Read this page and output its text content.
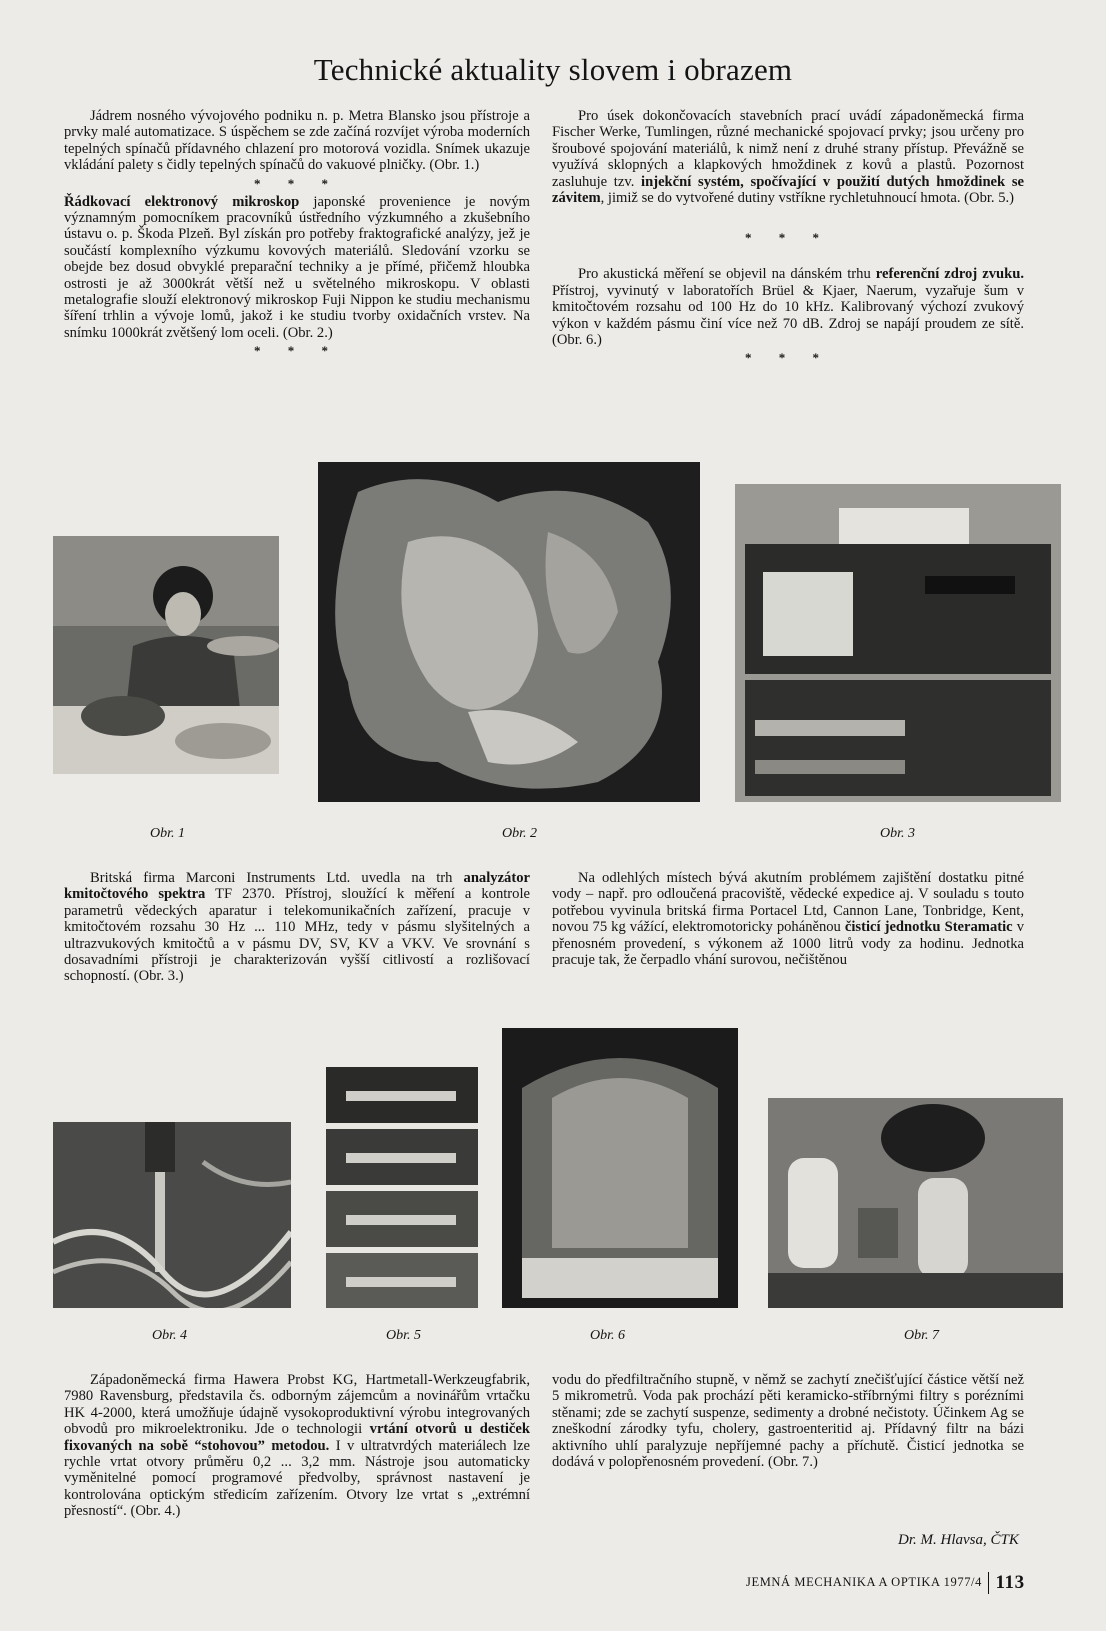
Technické aktuality slovem i obrazem

Jádrem nosného vývojového podniku n. p. Metra Blansko jsou přístroje a prvky malé automatizace. S úspěchem se zde začíná rozvíjet výroba moderních tepelných spínačů přídavného chlazení pro motorová vozidla. Snímek ukazuje vkládání palety s čidly tepelných spínačů do vakuové plničky. (Obr. 1.)

* * *

Řádkovací elektronový mikroskop japonské provenience je novým významným pomocníkem pracovníků ústředního výzkumného a zkušebního ústavu o. p. Škoda Plzeň. Byl získán pro potřeby fraktografické analýzy, jež je součástí komplexního výzkumu kovových materiálů. Sledování vzorku se obejde bez dosud obvyklé preparační techniky a je přímé, přičemž hloubka ostrosti je až 3000krát větší než u světelného mikroskopu. V oblasti metalografie slouží elektronový mikroskop Fuji Nippon ke studiu mechanismu šíření trhlin a vývoje lomů, jakož i ke studiu tvorby oxidačních vrstev. Na snímku 1000krát zvětšený lom oceli. (Obr. 2.)

* * *

Pro úsek dokončovacích stavebních prací uvádí západoněmecká firma Fischer Werke, Tumlingen, různé mechanické spojovací prvky; jsou určeny pro šroubové spojování materiálů, k nimž není z druhé strany přístup. Převážně se využívá sklopných a klapkových hmoždinek z kovů a plastů. Pozornost zasluhuje tzv. injekční systém, spočívající v použití dutých hmoždinek se závitem, jimiž se do vytvořené dutiny vstříkne rychletuhnoucí hmota. (Obr. 5.)

* * *

Pro akustická měření se objevil na dánském trhu referenční zdroj zvuku. Přístroj, vyvinutý v laboratořích Brüel & Kjaer, Naerum, vyzařuje šum v kmitočtovém rozsahu od 100 Hz do 10 kHz. Kalibrovaný výchozí zvukový výkon v každém pásmu činí více než 70 dB. Zdroj se napájí proudem ze sítě. (Obr. 6.)

* * *
Obr. 1	Obr. 2	Obr. 3

Britská firma Marconi Instruments Ltd. uvedla na trh analyzátor kmitočtového spektra TF 2370. Přístroj, sloužící k měření a kontrole parametrů vědeckých aparatur i telekomunikačních zařízení, pracuje v kmitočtovém rozsahu 30 Hz ... 110 MHz, tedy v pásmu slyšitelných a ultrazvukových kmitočtů a v pásmu DV, SV, KV a VKV. Ve srovnání s dosavadními přístroji je charakterizován vyšší citlivostí a rozlišovací schopností. (Obr. 3.)

Na odlehlých místech bývá akutním problémem zajištění dostatku pitné vody – např. pro odloučená pracoviště, vědecké expedice aj. V souladu s touto potřebou vyvinula britská firma Portacel Ltd, Cannon Lane, Tonbridge, Kent, novou 75 kg vážící, elektromotoricky poháněnou čisticí jednotku Steramatic v přenosném provedení, s výkonem až 1000 litrů vody za hodinu. Jednotka pracuje tak, že čerpadlo vhání surovou, nečištěnou

Obr. 4	Obr. 5	Obr. 6	Obr. 7

Západoněmecká firma Hawera Probst KG, Hartmetall-Werkzeugfabrik, 7980 Ravensburg, představila čs. odborným zájemcům a novinářům vrtačku HK 4-2000, která umožňuje údajně vysokoproduktivní výrobu integrovaných obvodů pro mikroelektroniku. Jde o technologii vrtání otvorů u destiček fixovaných na sobě “stohovou” metodou. I v ultratvrdých materiálech lze rychle vrtat otvory průměru 0,2 ... 3,2 mm. Nástroje jsou automaticky vyměnitelné pomocí programové předvolby, správnost nastavení je kontrolována optickým středicím zařízením. Otvory lze vrtat s „extrémní přesností“. (Obr. 4.)

vodu do předfiltračního stupně, v němž se zachytí znečišťující částice větší než 5 mikrometrů. Voda pak prochází pěti keramicko-stříbrnými filtry s porézními stěnami; zde se zachytí suspenze, sedimenty a drobné nečistoty. Účinkem Ag se zneškodní zárodky tyfu, cholery, gastroenteritid aj. Přídavný filtr na bázi aktivního uhlí paralyzuje nepříjemné pachy a příchutě. Čisticí jednotka se dodává v polopřenosném provedení. (Obr. 7.)

Dr. M. Hlavsa, ČTK
JEMNÁ MECHANIKA A OPTIKA 1977/4 113
